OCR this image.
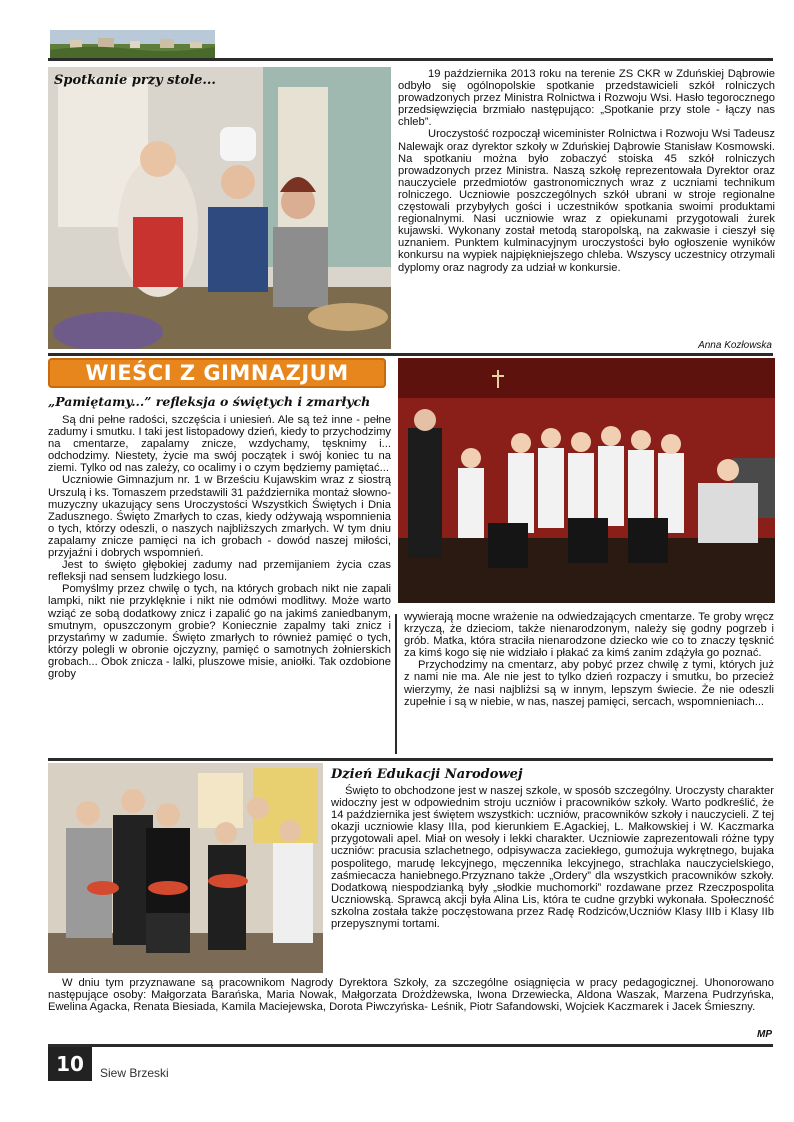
Spotkanie przy stole...	19 października 2013 roku na terenie ZS CKR w Zduńskiej Dąbrowie odbyło się ogólnopolskie spotkanie przedstawicieli szkół rolniczych prowadzonych przez Ministra Rolnictwa i Rozwoju Wsi. Hasło tegorocznego przedsięwzięcia brzmiało następująco: „Spotkanie przy stole - łączy nas chleb”.

Uroczystość rozpoczął wiceminister Rolnictwa i Rozwoju Wsi Tadeusz Nalewajk oraz dyrektor szkoły w Zduńskiej Dąbrowie Stanisław Kosmowski. Na spotkaniu można było zobaczyć stoiska 45 szkół rolniczych prowadzonych przez Ministra. Naszą szkołę reprezentowała Dyrektor oraz nauczyciele przedmiotów gastronomicznych wraz z uczniami technikum rolniczego. Uczniowie poszczególnych szkół ubrani w stroje regionalne częstowali przybyłych gości i uczestników spotkania swoimi produktami regionalnymi. Nasi uczniowie wraz z opiekunami przygotowali żurek kujawski. Wykonany został metodą staropolską, na zakwasie i cieszył się uznaniem. Punktem kulminacyjnym uroczystości było ogłoszenie wyników konkursu na wypiek najpiękniejszego chleba. Wszyscy uczestnicy otrzymali dyplomy oraz nagrody za udział w konkursie.

Anna Kozłowska
WIEŚCI Z GIMNAZJUM
„Pamiętamy...” refleksja o świętych i zmarłych

Są dni pełne radości, szczęścia i uniesień. Ale są też inne - pełne zadumy i smutku. I taki jest listopadowy dzień, kiedy to przychodzimy na cmentarze, zapalamy znicze, wzdychamy, tęsknimy i... odchodzimy. Niestety, życie ma swój początek i swój koniec tu na ziemi. Tylko od nas zależy, co ocalimy i o czym będziemy pamiętać...

Uczniowie Gimnazjum nr. 1 w Brześciu Kujawskim wraz z siostrą Urszulą i ks. Tomaszem przedstawili 31 października montaż słowno-muzyczny ukazujący sens Uroczystości Wszystkich Świętych i Dnia Zadusznego. Święto Zmarłych to czas, kiedy odżywają wspomnienia o tych, którzy odeszli, o naszych najbliższych zmarłych. W tym dniu zapalamy znicze pamięci na ich grobach - dowód naszej miłości, przyjaźni i dobrych wspomnień.

Jest to święto głębokiej zadumy nad przemijaniem życia czas refleksji nad sensem ludzkiego losu.

Pomyślmy przez chwilę o tych, na których grobach nikt nie zapali lampki, nikt nie przyklęknie i nikt nie odmówi modlitwy. Może warto wziąć ze sobą dodatkowy znicz i zapalić go na jakimś zaniedbanym, smutnym, opuszczonym grobie? Koniecznie zapalmy taki znicz i przystańmy w zadumie. Święto zmarłych to również pamięć o tych, którzy polegli w obronie ojczyzny, pamięć o samotnych żołnierskich grobach... Obok znicza - lalki, pluszowe misie, aniołki. Tak ozdobione groby

wywierają mocne wrażenie na odwiedzających cmentarze. Te groby wręcz krzyczą, że dzieciom, także nienarodzonym, należy się godny pogrzeb i grób. Matka, która straciła nienarodzone dziecko wie co to znaczy tęsknić za kimś kogo się nie widziało i płakać za kimś zanim zdążyła go poznać.

Przychodzimy na cmentarz, aby pobyć przez chwilę z tymi, których już z nami nie ma. Ale nie jest to tylko dzień rozpaczy i smutku, bo przecież wierzymy, że nasi najbliżsi są w innym, lepszym świecie. Że nie odeszli zupełnie i są w niebie, w nas, naszej pamięci, sercach, wspomnieniach...

Dzień Edukacji Narodowej

Święto to obchodzone jest w naszej szkole, w sposób szczególny. Uroczysty charakter widoczny jest w odpowiednim stroju uczniów i pracowników szkoły. Warto podkreślić, że 14 października jest świętem wszystkich: uczniów, pracowników szkoły i nauczycieli. Z tej okazji uczniowie klasy IIIa, pod kierunkiem E.Agackiej, L. Małkowskiej i W. Kaczmarka przygotowali apel. Miał on wesoły i lekki charakter. Uczniowie zaprezentowali różne typy uczniów: pracusia szlachetnego, odpisywacza zaciekłego, gumożuja wykrętnego, bujaka pospolitego, marudę lekcyjnego, męczennika lekcyjnego, strachlaka nauczycielskiego, zaśmiecacza haniebnego.Przyznano także „Ordery” dla wszystkich pracowników szkoły. Dodatkową niespodzianką były „słodkie muchomorki” rozdawane przez Rzeczpospolita Uczniowską. Sprawcą akcji była Alina Lis, która te cudne grzybki wykonała. Społeczność szkolna została także poczęstowana przez Radę Rodziców,Uczniów Klasy IIIb i Klasy IIb przepysznymi tortami.

W dniu tym przyznawane są pracownikom Nagrody Dyrektora Szkoły, za szczególne osiągnięcia w pracy pedagogicznej. Uhonorowano następujące osoby: Małgorzata Barańska, Maria Nowak, Małgorzata Drożdżewska, Iwona Drzewiecka, Aldona Waszak, Marzena Pudrzyńska, Ewelina Agacka, Renata Biesiada, Kamila Maciejewska, Dorota Piwczyńska- Leśnik, Piotr Safandowski, Wojciek Kaczmarek i Jacek Śmieszny.

MP
10	Siew Brzeski
